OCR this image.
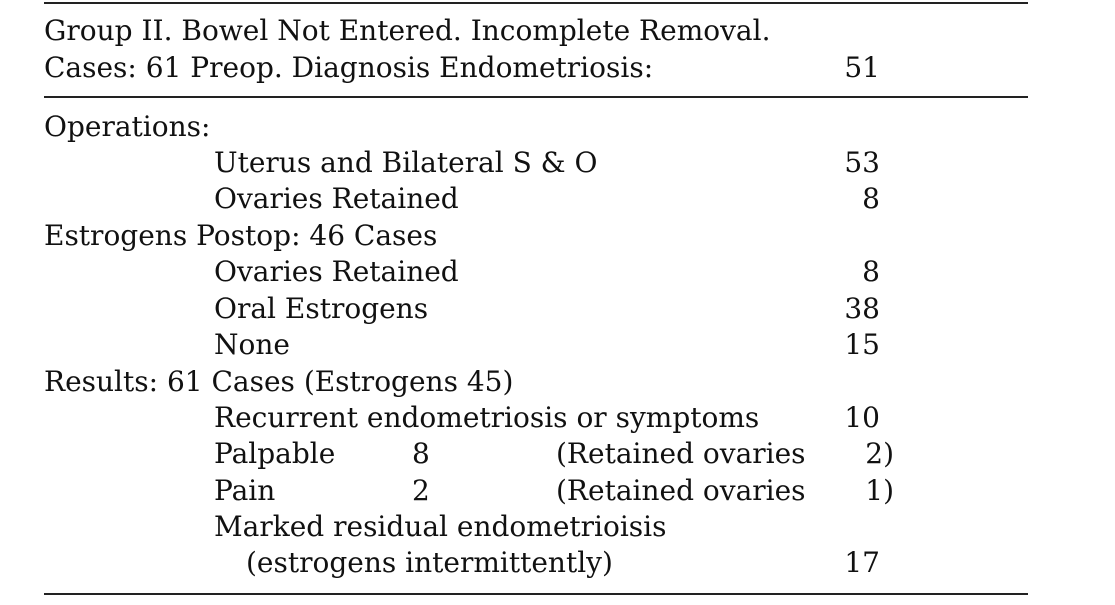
Group II. Bowel Not Entered. Incomplete Removal.
Cases: 61 Preop. Diagnosis Endometriosis:	51
Operations:
Uterus and Bilateral S & O	53
Ovaries Retained	8
Estrogens Postop: 46 Cases
Ovaries Retained	8
Oral Estrogens	38
None	15
Results: 61 Cases (Estrogens 45)
Recurrent endometriosis or symptoms	10
Palpable	8	(Retained ovaries	2)
Pain	2	(Retained ovaries	1)
Marked residual endometrioisis
(estrogens intermittently)	17
